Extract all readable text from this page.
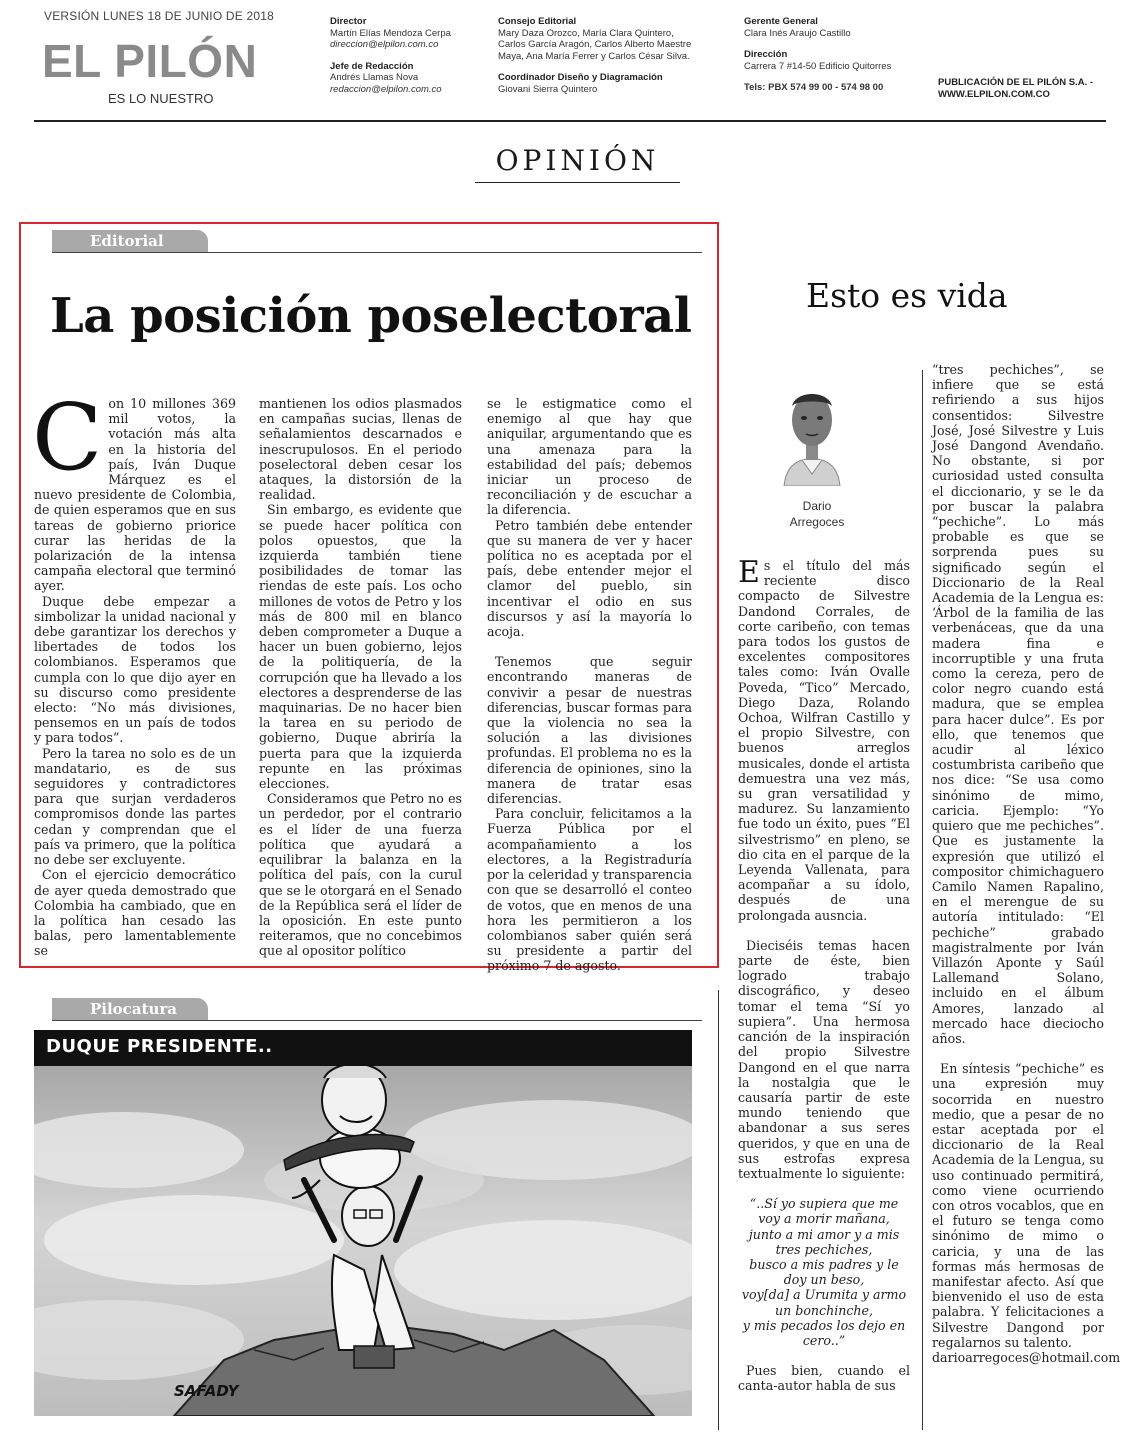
VERSIÓN LUNES 18 DE JUNIO DE 2018
EL PILÓN
ES LO NUESTRO
Director
Martín Elías Mendoza Cerpa
direccion@elpilon.com.co
Jefe de Redacción
Andrés Llamas Nova
redaccion@elpilon.com.co
Consejo Editorial
Mary Daza Orozco, María Clara Quintero,
Carlos García Aragón, Carlos Alberto Maestre
Maya, Ana María Ferrer y Carlos César Silva.
Coordinador Diseño y Diagramación
Giovani Sierra Quintero
Gerente General
Clara Inés Araujo Castillo
Dirección
Carrera 7 #14-50 Edificio Quitorres
Tels: PBX 574 99 00 - 574 98 00	PUBLICACIÓN DE EL PILÓN S.A. -
WWW.ELPILON.COM.CO
OPINIÓN
Editorial
La posición poselectoral

Con 10 millones 369 mil votos, la votación más alta en la historia del país, Iván Duque Márquez es el nuevo presidente de Colombia, de quien esperamos que en sus tareas de gobierno priorice curar las heridas de la polarización de la intensa campaña electoral que terminó ayer.

Duque debe empezar a simbolizar la unidad nacional y debe garantizar los derechos y libertades de todos los colombianos. Esperamos que cumpla con lo que dijo ayer en su discurso como presidente electo: “No más divisiones, pensemos en un país de todos y para todos”.

Pero la tarea no solo es de un mandatario, es de sus seguidores y contradictores para que surjan verdaderos compromisos donde las partes cedan y comprendan que el país va primero, que la política no debe ser excluyente.

Con el ejercicio democrático de ayer queda demostrado que Colombia ha cambiado, que en la política han cesado las balas, pero lamentablemente se

mantienen los odios plasmados en campañas sucias, llenas de señalamientos descarnados e inescrupulosos. En el periodo poselectoral deben cesar los ataques, la distorsión de la realidad.

Sin embargo, es evidente que se puede hacer política con polos opuestos, que la izquierda también tiene posibilidades de tomar las riendas de este país. Los ocho millones de votos de Petro y los más de 800 mil en blanco deben comprometer a Duque a hacer un buen gobierno, lejos de la politiquería, de la corrupción que ha llevado a los electores a desprenderse de las maquinarias. De no hacer bien la tarea en su periodo de gobierno, Duque abriría la puerta para que la izquierda repunte en las próximas elecciones.

Consideramos que Petro no es un perdedor, por el contrario es el líder de una fuerza política que ayudará a equilibrar la balanza en la política del país, con la curul que se le otorgará en el Senado de la República será el líder de la oposición. En este punto reiteramos, que no concebimos que al opositor político

se le estigmatice como el enemigo al que hay que aniquilar, argumentando que es una amenaza para la estabilidad del país; debemos iniciar un proceso de reconciliación y de escuchar a la diferencia.

Petro también debe entender que su manera de ver y hacer política no es aceptada por el país, debe entender mejor el clamor del pueblo, sin incentivar el odio en sus discursos y así la mayoría lo acoja.

Tenemos que seguir encontrando maneras de convivir a pesar de nuestras diferencias, buscar formas para que la violencia no sea la solución a las divisiones profundas. El problema no es la diferencia de opiniones, sino la manera de tratar esas diferencias.

Para concluir, felicitamos a la Fuerza Pública por el acompañamiento a los electores, a la Registraduría por la celeridad y transparencia con que se desarrolló el conteo de votos, que en menos de una hora les permitieron a los colombianos saber quién será su presidente a partir del próximo 7 de agosto.

Pilocatura
DUQUE PRESIDENTE..
SAFADY
Esto es vida
Dario
Arregoces

Es el título del más reciente disco compacto de Silvestre Dandond Corrales, de corte caribeño, con temas para todos los gustos de excelentes compositores tales como: Iván Ovalle Poveda, “Tico” Mercado, Diego Daza, Rolando Ochoa, Wilfran Castillo y el propio Silvestre, con buenos arreglos musicales, donde el artista demuestra una vez más, su gran versatilidad y madurez. Su lanzamiento fue todo un éxito, pues “El silvestrismo” en pleno, se dio cita en el parque de la Leyenda Vallenata, para acompañar a su ídolo, después de una prolongada ausncia.

Dieciséis temas hacen parte de éste, bien logrado trabajo discográfico, y deseo tomar el tema “Sí yo supiera”. Una hermosa canción de la inspiración del propio Silvestre Dangond en el que narra la nostalgia que le causaría partir de este mundo teniendo que abandonar a sus seres queridos, y que en una de sus estrofas expresa textualmente lo siguiente:

“..Sí yo supiera que me voy a morir mañana,
junto a mi amor y a mis tres pechiches,
busco a mis padres y le doy un beso,
voy[da] a Urumita y armo un bonchinche,
y mis pecados los dejo en cero..”

Pues bien, cuando el canta-autor habla de sus

“tres pechiches”, se infiere que se está refiriendo a sus hijos consentidos: Silvestre José, José Silvestre y Luis José Dangond Avendaño. No obstante, si por curiosidad usted consulta el diccionario, y se le da por buscar la palabra “pechiche”. Lo más probable es que se sorprenda pues su significado según el Diccionario de la Real Academia de la Lengua es: ‘Árbol de la familia de las verbenáceas, que da una madera fina e incorruptible y una fruta como la cereza, pero de color negro cuando está madura, que se emplea para hacer dulce”. Es por ello, que tenemos que acudir al léxico costumbrista caribeño que nos dice: “Se usa como sinónimo de mimo, caricia. Ejemplo: “Yo quiero que me pechiches”. Que es justamente la expresión que utilizó el compositor chimichaguero Camilo Namen Rapalino, en el merengue de su autoría intitulado: “El pechiche” grabado magistralmente por Iván Villazón Aponte y Saúl Lallemand Solano, incluido en el álbum Amores, lanzado al mercado hace dieciocho años.

En síntesis “pechiche” es una expresión muy socorrida en nuestro medio, que a pesar de no estar aceptada por el diccionario de la Real Academia de la Lengua, su uso continuado permitirá, como viene ocurriendo con otros vocablos, que en el futuro se tenga como sinónimo de mimo o caricia, y una de las formas más hermosas de manifestar afecto. Así que bienvenido el uso de esta palabra. Y felicitaciones a Silvestre Dangond por regalarnos su talento.

darioarregoces@hotmail.com
